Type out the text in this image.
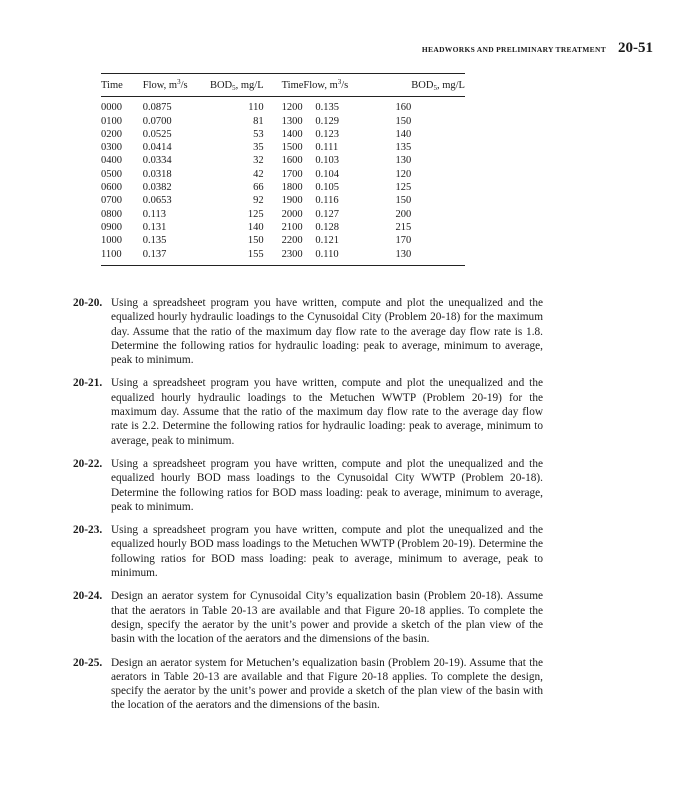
HEADWORKS AND PRELIMINARY TREATMENT 20-51
Time	Flow, $m^3/s$	$BOD_5$, mg/L	Time	Flow, $m^3/s$		$BOD_5$, mg/L
0000	0.0875	110	1200	0.135	160	
0100	0.0700	81	1300	0.129	150	
0200	0.0525	53	1400	0.123	140	
0300	0.0414	35	1500	0.111	135	
0400	0.0334	32	1600	0.103	130	
0500	0.0318	42	1700	0.104	120	
0600	0.0382	66	1800	0.105	125	
0700	0.0653	92	1900	0.116	150	
0800	0.113	125	2000	0.127	200	
0900	0.131	140	2100	0.128	215	
1000	0.135	150	2200	0.121	170	
1100	0.137	155	2300	0.110	130	
20-20. Using a spreadsheet program you have written, compute and plot the unequalized and the equalized hourly hydraulic loadings to the Cynusoidal City (Problem 20-18) for the maximum day. Assume that the ratio of the maximum day flow rate to the average day flow rate is 1.8. Determine the following ratios for hydraulic loading: peak to average, minimum to average, peak to minimum.
20-21. Using a spreadsheet program you have written, compute and plot the unequalized and the equalized hourly hydraulic loadings to the Metuchen WWTP (Problem 20-19) for the maximum day. Assume that the ratio of the maximum day flow rate to the average day flow rate is 2.2. Determine the following ratios for hydraulic loading: peak to average, minimum to average, peak to minimum.
20-22. Using a spreadsheet program you have written, compute and plot the unequalized and the equalized hourly BOD mass loadings to the Cynusoidal City WWTP (Problem 20-18). Determine the following ratios for BOD mass loading: peak to average, minimum to average, peak to minimum.
20-23. Using a spreadsheet program you have written, compute and plot the unequalized and the equalized hourly BOD mass loadings to the Metuchen WWTP (Problem 20-19). Determine the following ratios for BOD mass loading: peak to average, minimum to average, peak to minimum.
20-24. Design an aerator system for Cynusoidal City’s equalization basin (Problem 20-18). Assume that the aerators in Table 20-13 are available and that Figure 20-18 applies. To complete the design, specify the aerator by the unit’s power and provide a sketch of the plan view of the basin with the location of the aerators and the dimensions of the basin.
20-25. Design an aerator system for Metuchen’s equalization basin (Problem 20-19). Assume that the aerators in Table 20-13 are available and that Figure 20-18 applies. To complete the design, specify the aerator by the unit’s power and provide a sketch of the plan view of the basin with the location of the aerators and the dimensions of the basin.
